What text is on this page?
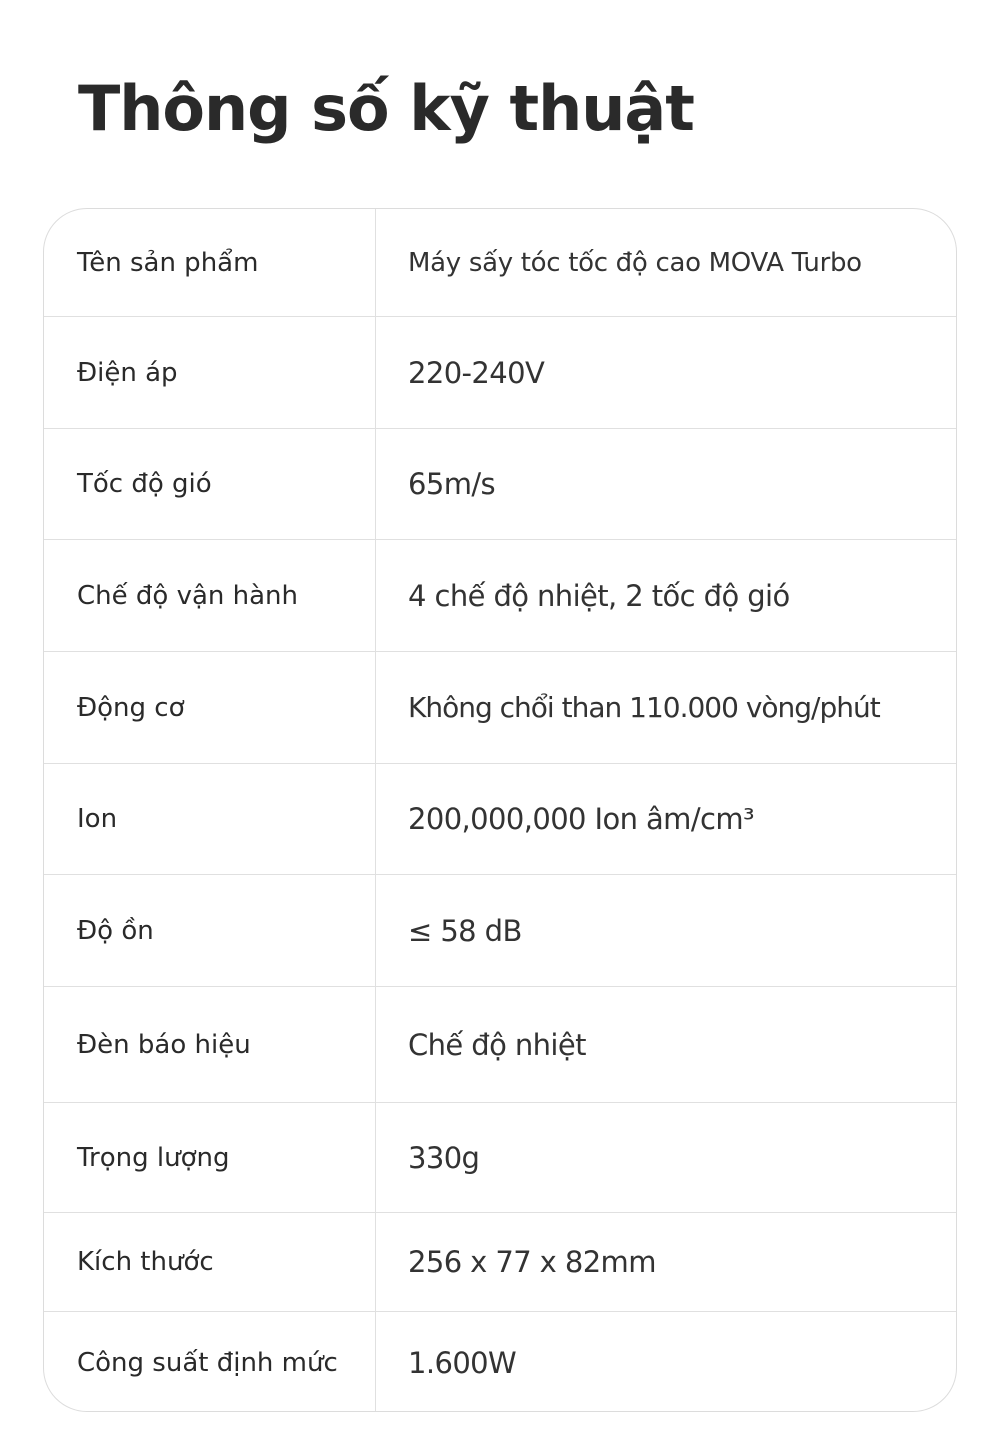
Thông số kỹ thuật
Tên sản phẩm	Máy sấy tóc tốc độ cao MOVA Turbo
Điện áp	220-240V
Tốc độ gió	65m/s
Chế độ vận hành	4 chế độ nhiệt, 2 tốc độ gió
Động cơ	Không chổi than 110.000 vòng/phút
Ion	200,000,000 Ion âm/cm³
Độ ồn	≤ 58 dB
Đèn báo hiệu	Chế độ nhiệt
Trọng lượng	330g
Kích thước	256 x 77 x 82mm
Công suất định mức	1.600W
